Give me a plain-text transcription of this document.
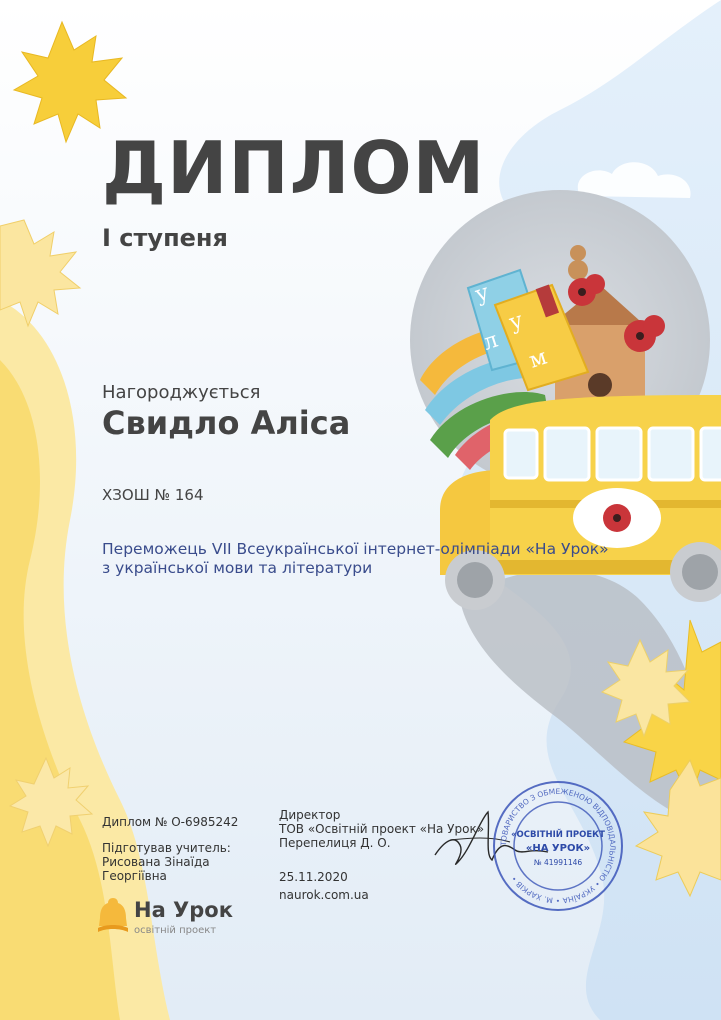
у
л
у
м
ДИПЛОМ
І ступеня
Нагороджується
Свидло Аліса
ХЗОШ № 164
Переможець VII Всеукраїнської інтернет-олімпіади «На Урок»
з української мови та літератури
Диплом № О-6985242
Підготував учитель:
Рисована Зінаїда Георгіївна
Директор
ТОВ «Освітній проект «На Урок»
Перепелиця Д. О.
25.11.2020
naurok.com.ua
На Урок
освітній проект
ТОВАРИСТВО З ОБМЕЖЕНОЮ ВІДПОВІДАЛЬНІСТЮ • УКРАЇНА • М. ХАРКІВ •
«ОСВІТНІЙ ПРОЕКТ
«НА УРОК»
№ 41991146
